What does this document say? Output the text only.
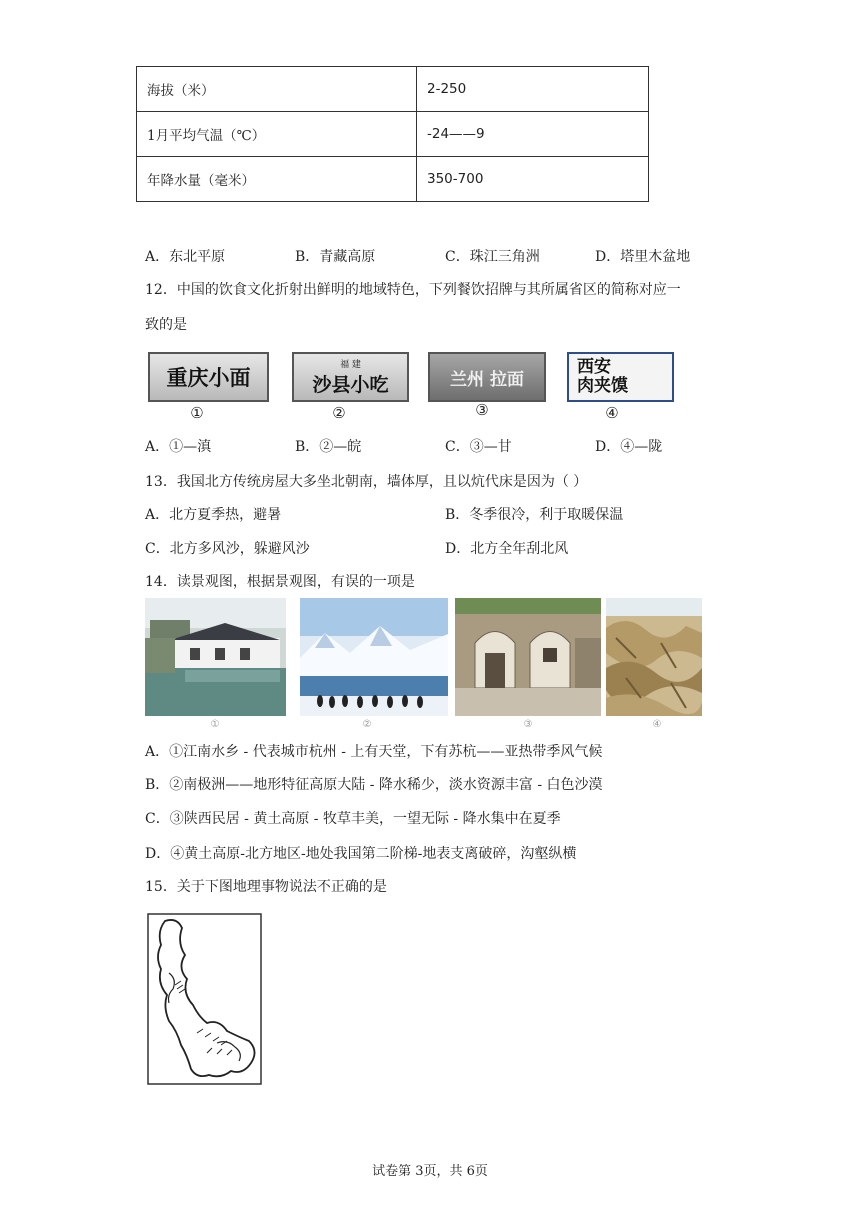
海拔（米）	2-250
1月平均气温（℃）	-24——9
年降水量（毫米）	350-700
A．东北平原	B．青藏高原	C．珠江三角洲	D．塔里木盆地
12．中国的饮食文化折射出鲜明的地域特色，下列餐饮招牌与其所属省区的简称对应一
致的是
重庆小面
福 建
沙县小吃	兰州 拉面
西安
肉夹馍
①	②	③	④
A．①—滇	B．②—皖	C．③—甘	D．④—陇
13．我国北方传统房屋大多坐北朝南，墙体厚，且以炕代床是因为（ ）
A．北方夏季热，避暑	B．冬季很冷，利于取暖保温
C．北方多风沙，躲避风沙	D．北方全年刮北风
14．读景观图，根据景观图，有误的一项是
①	②	③	④
A．①江南水乡 - 代表城市杭州 - 上有天堂，下有苏杭——亚热带季风气候
B．②南极洲——地形特征高原大陆 - 降水稀少，淡水资源丰富 - 白色沙漠
C．③陕西民居 - 黄土高原 - 牧草丰美，一望无际 - 降水集中在夏季
D．④黄土高原-北方地区-地处我国第二阶梯-地表支离破碎，沟壑纵横
15．关于下图地理事物说法不正确的是
试卷第 3页，共 6页
